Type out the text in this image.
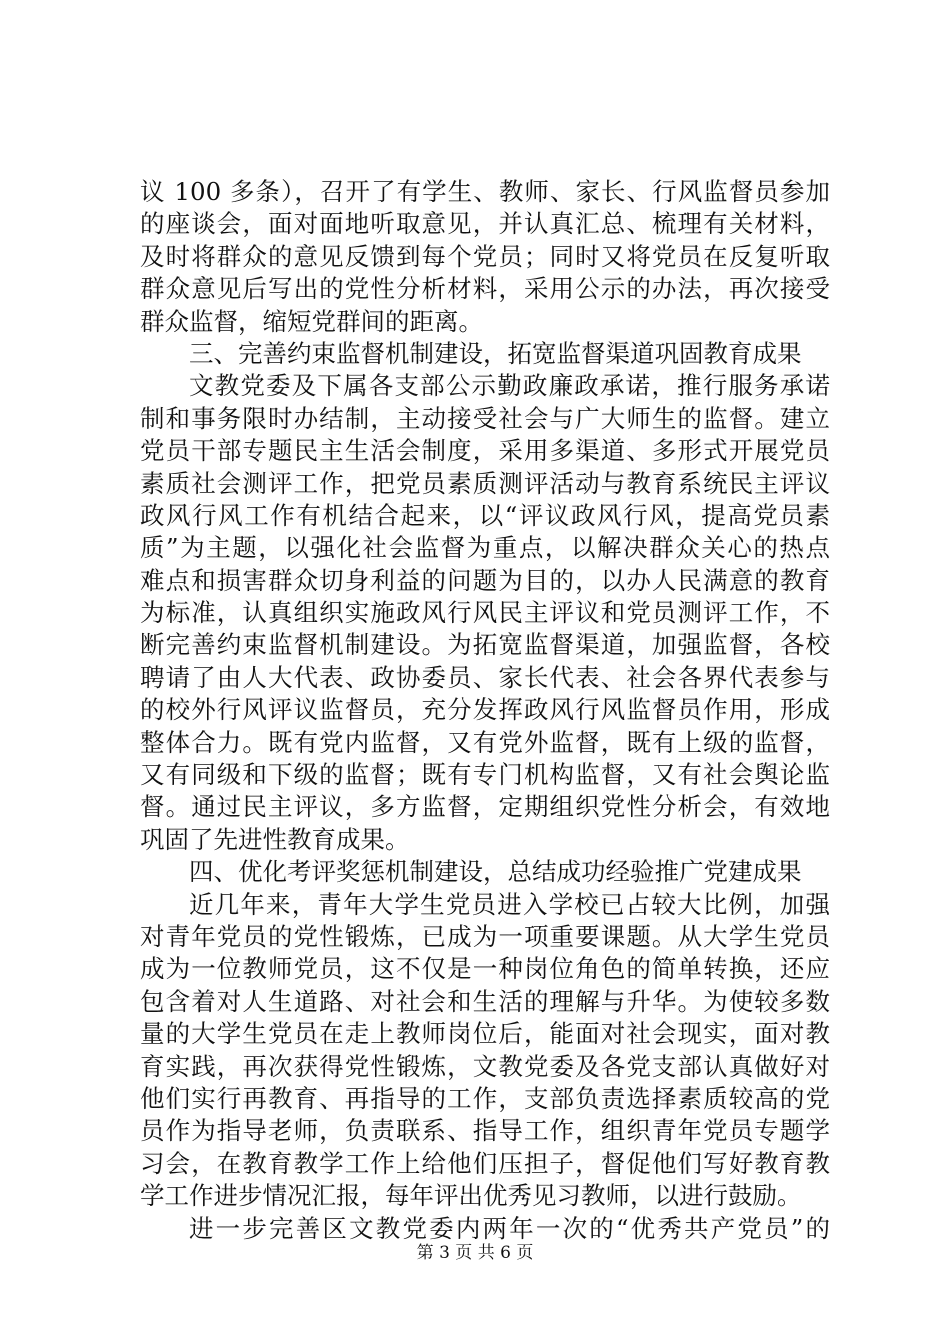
议 100 多条），召开了有学生、教师、家长、行风监督员参加
的座谈会，面对面地听取意见，并认真汇总、梳理有关材料，
及时将群众的意见反馈到每个党员；同时又将党员在反复听取
群众意见后写出的党性分析材料，采用公示的办法，再次接受
群众监督，缩短党群间的距离。
三、完善约束监督机制建设，拓宽监督渠道巩固教育成果
文教党委及下属各支部公示勤政廉政承诺，推行服务承诺
制和事务限时办结制，主动接受社会与广大师生的监督。建立
党员干部专题民主生活会制度，采用多渠道、多形式开展党员
素质社会测评工作，把党员素质测评活动与教育系统民主评议
政风行风工作有机结合起来，以“评议政风行风，提高党员素
质”为主题，以强化社会监督为重点，以解决群众关心的热点
难点和损害群众切身利益的问题为目的，以办人民满意的教育
为标准，认真组织实施政风行风民主评议和党员测评工作，不
断完善约束监督机制建设。为拓宽监督渠道，加强监督，各校
聘请了由人大代表、政协委员、家长代表、社会各界代表参与
的校外行风评议监督员，充分发挥政风行风监督员作用，形成
整体合力。既有党内监督，又有党外监督，既有上级的监督，
又有同级和下级的监督；既有专门机构监督，又有社会舆论监
督。通过民主评议，多方监督，定期组织党性分析会，有效地
巩固了先进性教育成果。
四、优化考评奖惩机制建设，总结成功经验推广党建成果
近几年来，青年大学生党员进入学校已占较大比例，加强
对青年党员的党性锻炼，已成为一项重要课题。从大学生党员
成为一位教师党员，这不仅是一种岗位角色的简单转换，还应
包含着对人生道路、对社会和生活的理解与升华。为使较多数
量的大学生党员在走上教师岗位后，能面对社会现实，面对教
育实践，再次获得党性锻炼，文教党委及各党支部认真做好对
他们实行再教育、再指导的工作，支部负责选择素质较高的党
员作为指导老师，负责联系、指导工作，组织青年党员专题学
习会，在教育教学工作上给他们压担子，督促他们写好教育教
学工作进步情况汇报，每年评出优秀见习教师，以进行鼓励。
进一步完善区文教党委内两年一次的“优秀共产党员”的
第 3 页 共 6 页
